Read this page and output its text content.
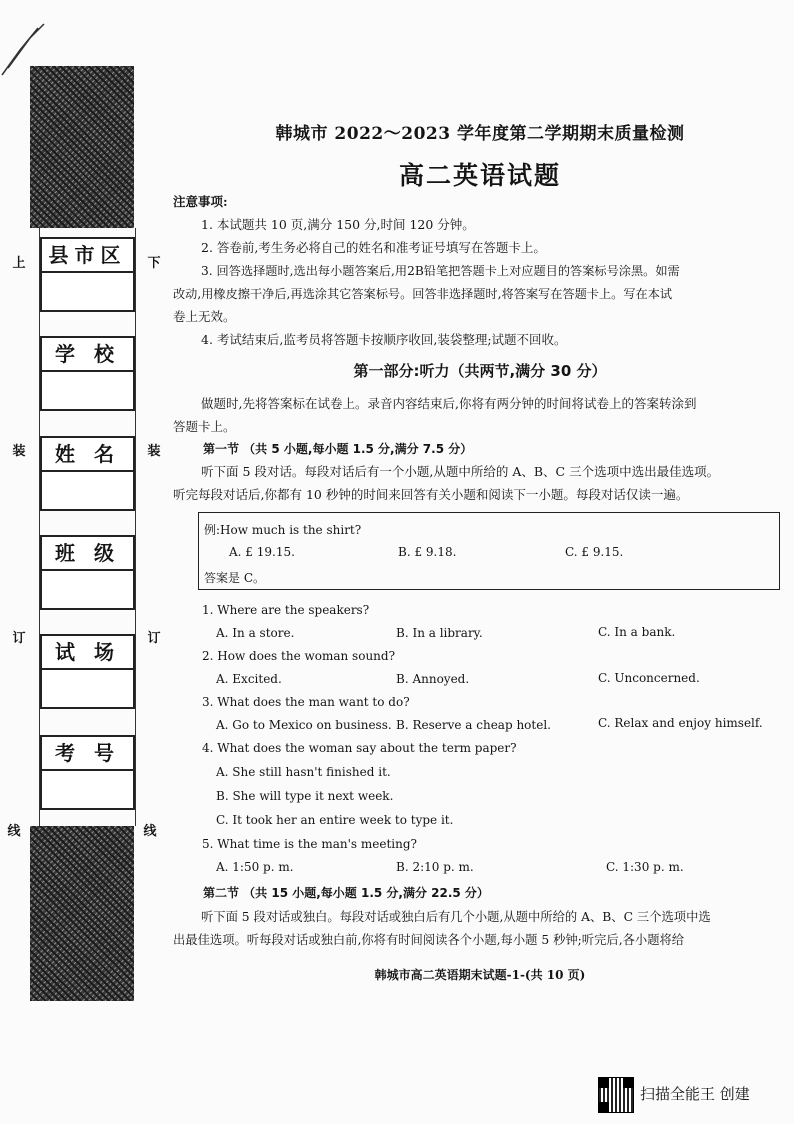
县市区
学 校
姓 名
班 级
试 场
考 号
上
装
订
线
下
装
订
线
韩城市 2022～2023 学年度第二学期期末质量检测
高二英语试题
注意事项:
1. 本试题共 10 页,满分 150 分,时间 120 分钟。
2. 答卷前,考生务必将自己的姓名和准考证号填写在答题卡上。
3. 回答选择题时,选出每小题答案后,用2B铅笔把答题卡上对应题目的答案标号涂黑。如需
改动,用橡皮擦干净后,再选涂其它答案标号。回答非选择题时,将答案写在答题卡上。写在本试
卷上无效。
4. 考试结束后,监考员将答题卡按顺序收回,装袋整理;试题不回收。
第一部分:听力（共两节,满分 30 分）
做题时,先将答案标在试卷上。录音内容结束后,你将有两分钟的时间将试卷上的答案转涂到
答题卡上。
第一节 （共 5 小题,每小题 1.5 分,满分 7.5 分）
听下面 5 段对话。每段对话后有一个小题,从题中所给的 A、B、C 三个选项中选出最佳选项。
听完每段对话后,你都有 10 秒钟的时间来回答有关小题和阅读下一小题。每段对话仅读一遍。
例:How much is the shirt?
A. £ 19.15.	B. £ 9.18.	C. £ 9.15.
答案是 C。
1. Where are the speakers?
A. In a store.	B. In a library.	C. In a bank.
2. How does the woman sound?
A. Excited.	B. Annoyed.	C. Unconcerned.
3. What does the man want to do?
A. Go to Mexico on business. B. Reserve a cheap hotel.	C. Relax and enjoy himself.
4. What does the woman say about the term paper?
A. She still hasn't finished it.
B. She will type it next week.
C. It took her an entire week to type it.
5. What time is the man's meeting?
A. 1:50 p. m.	B. 2:10 p. m.	C. 1:30 p. m.
第二节 （共 15 小题,每小题 1.5 分,满分 22.5 分）
听下面 5 段对话或独白。每段对话或独白后有几个小题,从题中所给的 A、B、C 三个选项中选
出最佳选项。听每段对话或独白前,你将有时间阅读各个小题,每小题 5 秒钟;听完后,各小题将给
韩城市高二英语期末试题-1-(共 10 页)
扫描全能王 创建
